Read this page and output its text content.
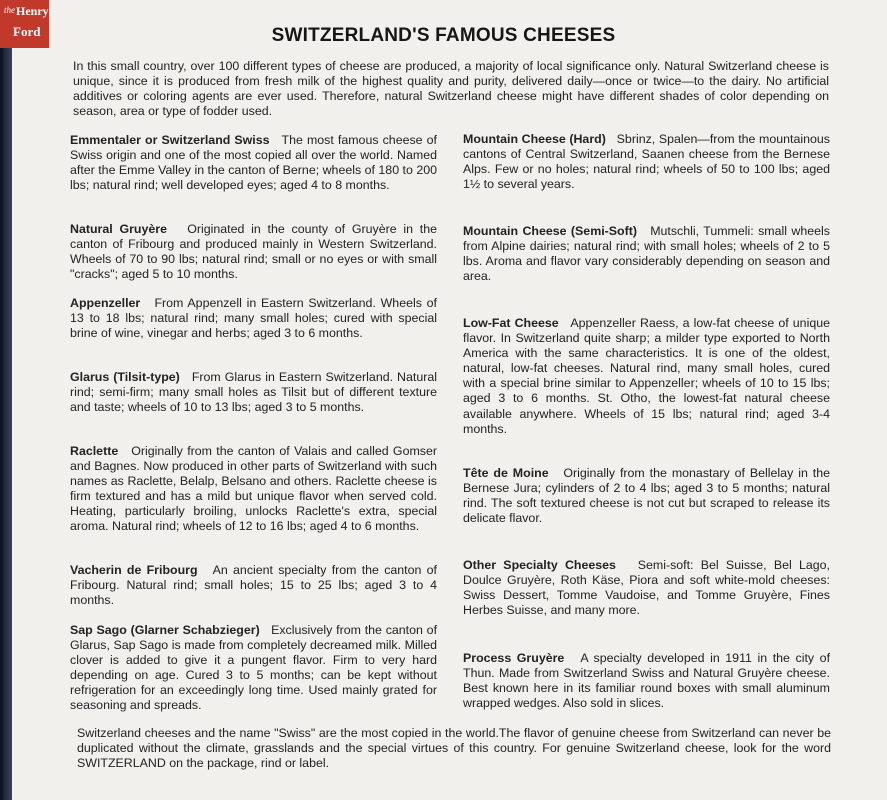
the Henry
Ford	SWITZERLAND'S FAMOUS CHEESES
In this small country, over 100 different types of cheese are produced, a majority of local significance only. Natural Switzerland cheese is unique, since it is produced from fresh milk of the highest quality and purity, delivered daily—once or twice—to the dairy. No artificial additives or coloring agents are ever used. Therefore, natural Switzerland cheese might have different shades of color depending on season, area or type of fodder used.
Emmentaler or Switzerland Swiss The most famous cheese of Swiss origin and one of the most copied all over the world. Named after the Emme Valley in the canton of Berne; wheels of 180 to 200 lbs; natural rind; well developed eyes; aged 4 to 8 months.
Natural Gruyère Originated in the county of Gruyère in the canton of Fribourg and produced mainly in Western Switzerland. Wheels of 70 to 90 lbs; natural rind; small or no eyes or with small "cracks"; aged 5 to 10 months.
Appenzeller From Appenzell in Eastern Switzerland. Wheels of 13 to 18 lbs; natural rind; many small holes; cured with special brine of wine, vinegar and herbs; aged 3 to 6 months.
Glarus (Tilsit-type) From Glarus in Eastern Switzerland. Natural rind; semi-firm; many small holes as Tilsit but of different texture and taste; wheels of 10 to 13 lbs; aged 3 to 5 months.
Raclette Originally from the canton of Valais and called Gomser and Bagnes. Now produced in other parts of Switzerland with such names as Raclette, Belalp, Belsano and others. Raclette cheese is firm textured and has a mild but unique flavor when served cold. Heating, particularly broiling, unlocks Raclette's extra, special aroma. Natural rind; wheels of 12 to 16 lbs; aged 4 to 6 months.
Vacherin de Fribourg An ancient specialty from the canton of Fribourg. Natural rind; small holes; 15 to 25 lbs; aged 3 to 4 months.
Sap Sago (Glarner Schabzieger) Exclusively from the canton of Glarus, Sap Sago is made from completely decreamed milk. Milled clover is added to give it a pungent flavor. Firm to very hard depending on age. Cured 3 to 5 months; can be kept without refrigeration for an exceedingly long time. Used mainly grated for seasoning and spreads.
Mountain Cheese (Hard) Sbrinz, Spalen—from the mountainous cantons of Central Switzerland, Saanen cheese from the Bernese Alps. Few or no holes; natural rind; wheels of 50 to 100 lbs; aged 1½ to several years.
Mountain Cheese (Semi-Soft) Mutschli, Tummeli: small wheels from Alpine dairies; natural rind; with small holes; wheels of 2 to 5 lbs. Aroma and flavor vary considerably depending on season and area.
Low-Fat Cheese Appenzeller Raess, a low-fat cheese of unique flavor. In Switzerland quite sharp; a milder type exported to North America with the same characteristics. It is one of the oldest, natural, low-fat cheeses. Natural rind, many small holes, cured with a special brine similar to Appenzeller; wheels of 10 to 15 lbs; aged 3 to 6 months. St. Otho, the lowest-fat natural cheese available anywhere. Wheels of 15 lbs; natural rind; aged 3-4 months.
Tête de Moine Originally from the monastary of Bellelay in the Bernese Jura; cylinders of 2 to 4 lbs; aged 3 to 5 months; natural rind. The soft textured cheese is not cut but scraped to release its delicate flavor.
Other Specialty Cheeses Semi-soft: Bel Suisse, Bel Lago, Doulce Gruyère, Roth Käse, Piora and soft white-mold cheeses: Swiss Dessert, Tomme Vaudoise, and Tomme Gruyère, Fines Herbes Suisse, and many more.
Process Gruyère A specialty developed in 1911 in the city of Thun. Made from Switzerland Swiss and Natural Gruyère cheese. Best known here in its familiar round boxes with small aluminum wrapped wedges. Also sold in slices.
Switzerland cheeses and the name "Swiss" are the most copied in the world.The flavor of genuine cheese from Switzerland can never be duplicated without the climate, grasslands and the special virtues of this country. For genuine Switzerland cheese, look for the word SWITZERLAND on the package, rind or label.
